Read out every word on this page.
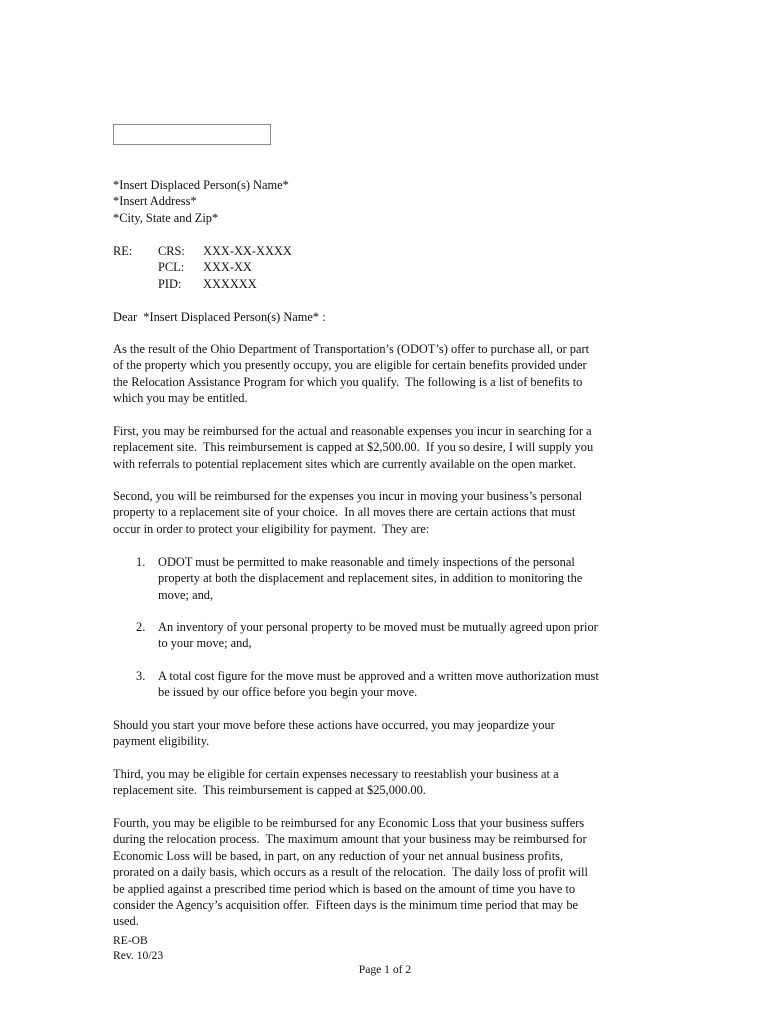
*Insert Displaced Person(s) Name*
*Insert Address*
*City, State and Zip*
RE: CRS: XXX-XX-XXXX
PCL: XXX-XX
PID: XXXXXX
Dear  *Insert Displaced Person(s) Name* :
As the result of the Ohio Department of Transportation’s (ODOT’s) offer to purchase all, or part
of the property which you presently occupy, you are eligible for certain benefits provided under
the Relocation Assistance Program for which you qualify.  The following is a list of benefits to
which you may be entitled.
First, you may be reimbursed for the actual and reasonable expenses you incur in searching for a
replacement site.  This reimbursement is capped at $2,500.00.  If you so desire, I will supply you
with referrals to potential replacement sites which are currently available on the open market.
Second, you will be reimbursed for the expenses you incur in moving your business’s personal
property to a replacement site of your choice.  In all moves there are certain actions that must
occur in order to protect your eligibility for payment.  They are:
1. ODOT must be permitted to make reasonable and timely inspections of the personal
property at both the displacement and replacement sites, in addition to monitoring the
move; and,
2. An inventory of your personal property to be moved must be mutually agreed upon prior
to your move; and,
3. A total cost figure for the move must be approved and a written move authorization must
be issued by our office before you begin your move.
Should you start your move before these actions have occurred, you may jeopardize your
payment eligibility.
Third, you may be eligible for certain expenses necessary to reestablish your business at a
replacement site.  This reimbursement is capped at $25,000.00.
Fourth, you may be eligible to be reimbursed for any Economic Loss that your business suffers
during the relocation process.  The maximum amount that your business may be reimbursed for
Economic Loss will be based, in part, on any reduction of your net annual business profits,
prorated on a daily basis, which occurs as a result of the relocation.  The daily loss of profit will
be applied against a prescribed time period which is based on the amount of time you have to
consider the Agency’s acquisition offer.  Fifteen days is the minimum time period that may be
used.
RE-OB
Rev. 10/23
Page 1 of 2
